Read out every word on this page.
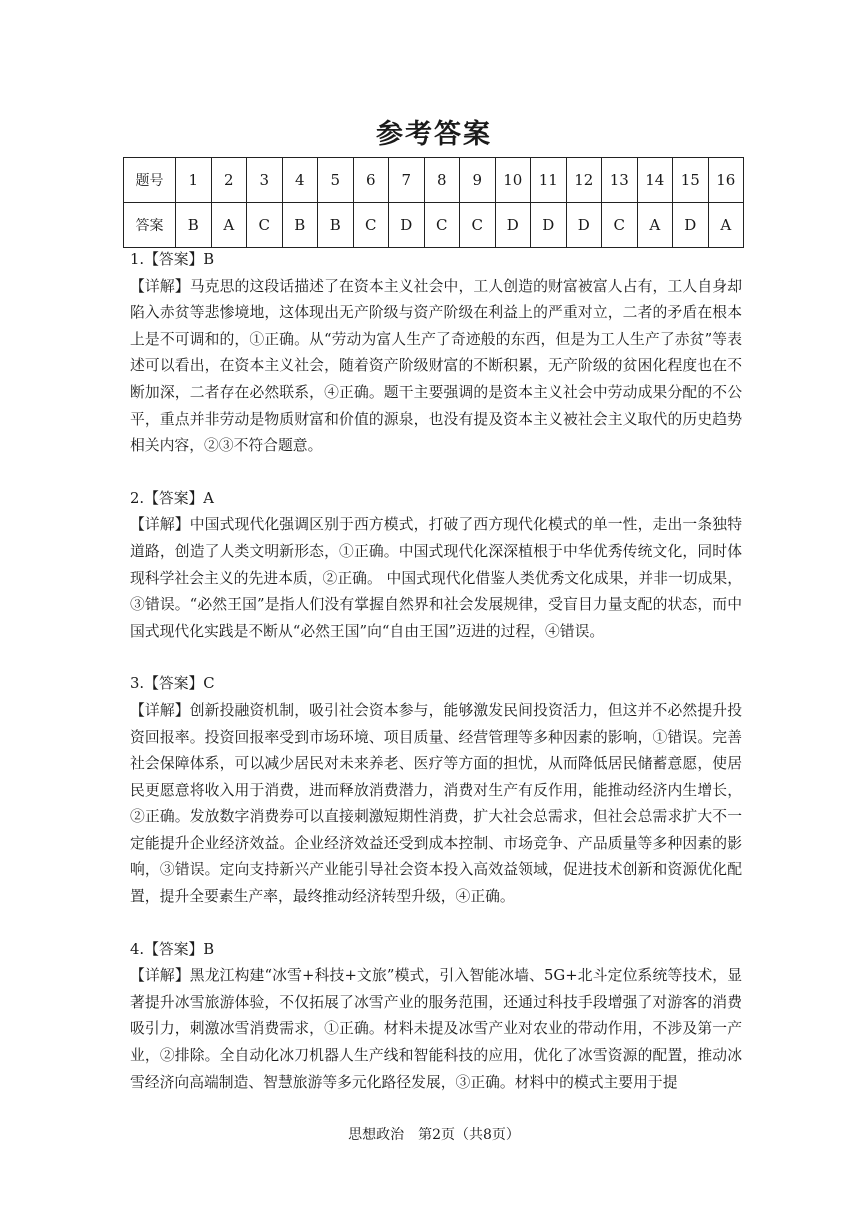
参考答案
题号	1	2	3	4	5	6	7	8	9	10	11	12	13	14	15	16
答案	B	A	C	B	B	C	D	C	C	D	D	D	C	A	D	A
1.【答案】B
【详解】马克思的这段话描述了在资本主义社会中，工人创造的财富被富人占有，工人自身却陷入赤贫等悲惨境地，这体现出无产阶级与资产阶级在利益上的严重对立，二者的矛盾在根本上是不可调和的，①正确。从“劳动为富人生产了奇迹般的东西，但是为工人生产了赤贫”等表述可以看出，在资本主义社会，随着资产阶级财富的不断积累，无产阶级的贫困化程度也在不断加深，二者存在必然联系，④正确。题干主要强调的是资本主义社会中劳动成果分配的不公平，重点并非劳动是物质财富和价值的源泉，也没有提及资本主义被社会主义取代的历史趋势相关内容，②③不符合题意。
2.【答案】A
【详解】中国式现代化强调区别于西方模式，打破了西方现代化模式的单一性，走出一条独特道路，创造了人类文明新形态，①正确。中国式现代化深深植根于中华优秀传统文化，同时体现科学社会主义的先进本质，②正确。 中国式现代化借鉴人类优秀文化成果，并非一切成果，③错误。“必然王国”是指人们没有掌握自然界和社会发展规律，受盲目力量支配的状态，而中国式现代化实践是不断从“必然王国”向“自由王国”迈进的过程，④错误。
3.【答案】C
【详解】创新投融资机制，吸引社会资本参与，能够激发民间投资活力，但这并不必然提升投资回报率。投资回报率受到市场环境、项目质量、经营管理等多种因素的影响，①错误。完善社会保障体系，可以减少居民对未来养老、医疗等方面的担忧，从而降低居民储蓄意愿，使居民更愿意将收入用于消费，进而释放消费潜力，消费对生产有反作用，能推动经济内生增长，②正确。发放数字消费券可以直接刺激短期性消费，扩大社会总需求，但社会总需求扩大不一定能提升企业经济效益。企业经济效益还受到成本控制、市场竞争、产品质量等多种因素的影响，③错误。定向支持新兴产业能引导社会资本投入高效益领域，促进技术创新和资源优化配置，提升全要素生产率，最终推动经济转型升级，④正确。
4.【答案】B
【详解】黑龙江构建“冰雪+科技+文旅”模式，引入智能冰墙、5G+北斗定位系统等技术，显著提升冰雪旅游体验，不仅拓展了冰雪产业的服务范围，还通过科技手段增强了对游客的消费吸引力，刺激冰雪消费需求，①正确。材料未提及冰雪产业对农业的带动作用，不涉及第一产业，②排除。全自动化冰刀机器人生产线和智能科技的应用，优化了冰雪资源的配置，推动冰雪经济向高端制造、智慧旅游等多元化路径发展，③正确。材料中的模式主要用于提
思想政治　第2页（共8页）
